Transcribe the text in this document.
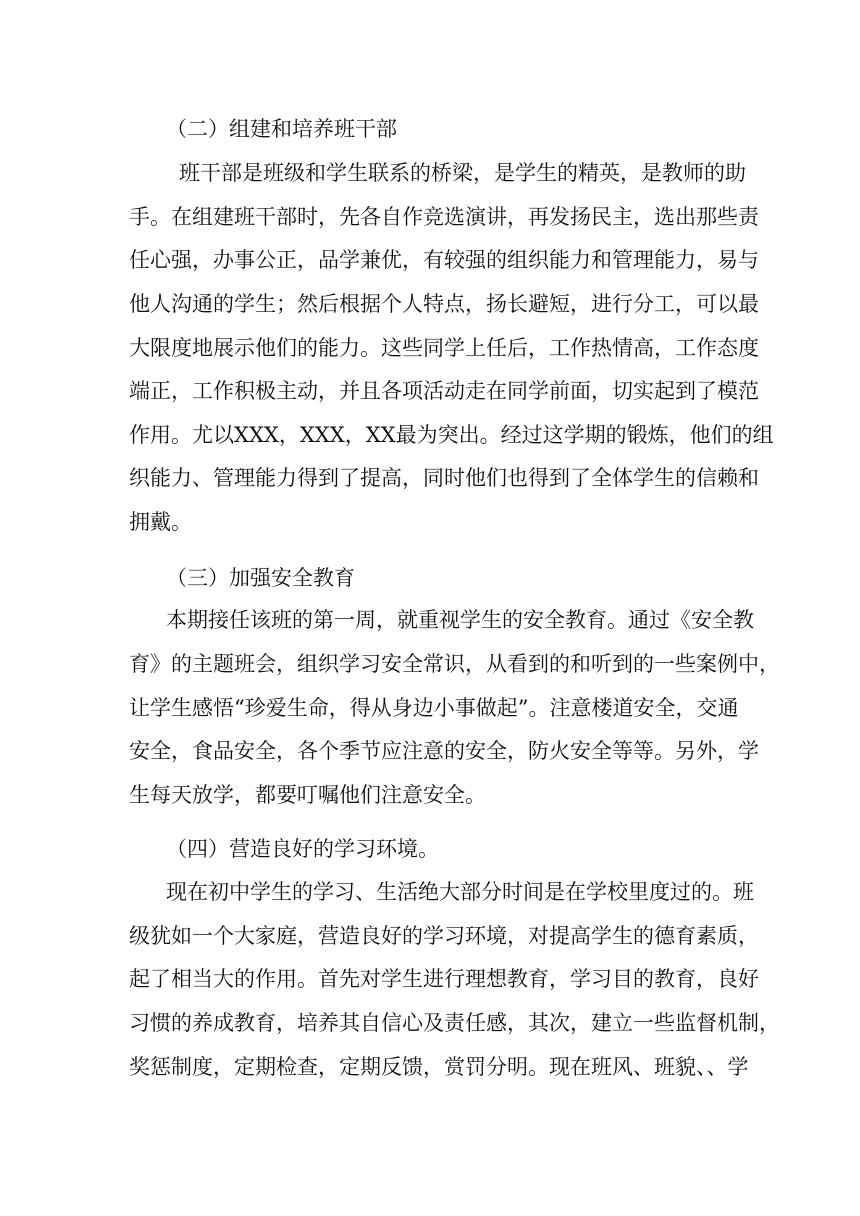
（二）组建和培养班干部
班干部是班级和学生联系的桥梁，是学生的精英，是教师的助
手。在组建班干部时，先各自作竞选演讲，再发扬民主，选出那些责
任心强，办事公正，品学兼优，有较强的组织能力和管理能力，易与
他人沟通的学生；然后根据个人特点，扬长避短，进行分工，可以最
大限度地展示他们的能力。这些同学上任后，工作热情高，工作态度
端正，工作积极主动，并且各项活动走在同学前面，切实起到了模范
作用。尤以XXX，XXX，XX最为突出。经过这学期的锻炼，他们的组
织能力、管理能力得到了提高，同时他们也得到了全体学生的信赖和
拥戴。
（三）加强安全教育
本期接任该班的第一周，就重视学生的安全教育。通过《安全教
育》的主题班会，组织学习安全常识，从看到的和听到的一些案例中，
让学生感悟“珍爱生命，得从身边小事做起”。注意楼道安全，交通
安全，食品安全，各个季节应注意的安全，防火安全等等。另外，学
生每天放学，都要叮嘱他们注意安全。
（四）营造良好的学习环境。
现在初中学生的学习、生活绝大部分时间是在学校里度过的。班
级犹如一个大家庭，营造良好的学习环境，对提高学生的德育素质，
起了相当大的作用。首先对学生进行理想教育，学习目的教育，良好
习惯的养成教育，培养其自信心及责任感，其次，建立一些监督机制，
奖惩制度，定期检查，定期反馈，赏罚分明。现在班风、班貌、、学
